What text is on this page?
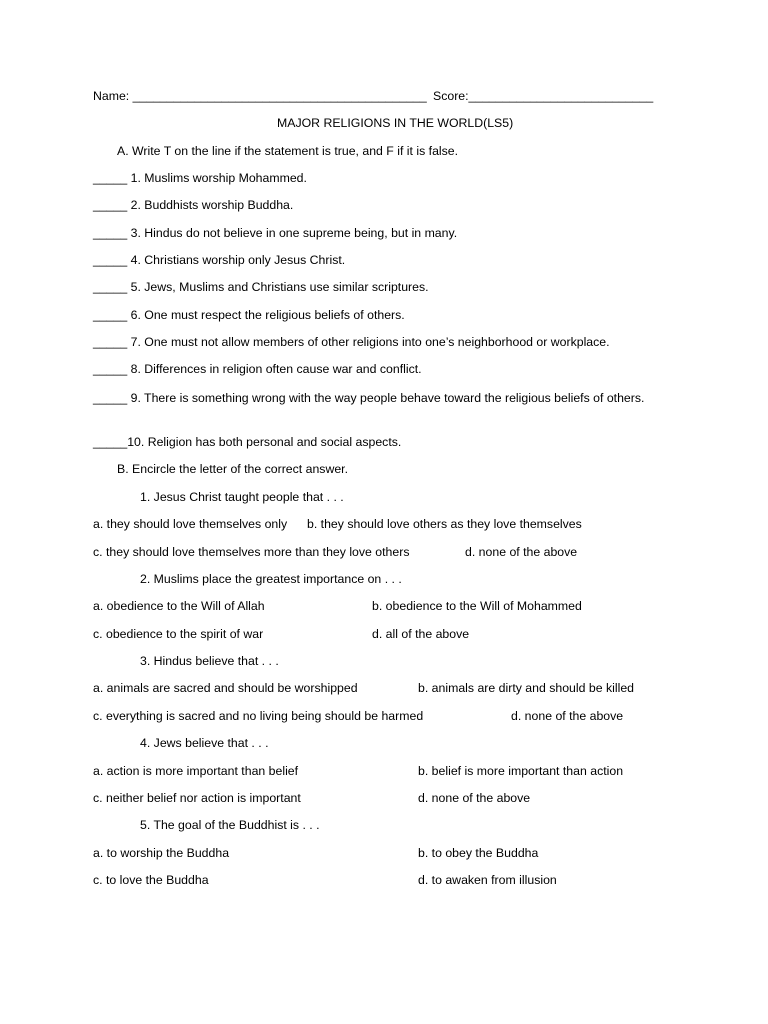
Name: ___________________________________________ Score:___________________________
MAJOR RELIGIONS IN THE WORLD(LS5)
A. Write T on the line if the statement is true, and F if it is false.
_____ 1. Muslims worship Mohammed.
_____ 2. Buddhists worship Buddha.
_____ 3. Hindus do not believe in one supreme being, but in many.
_____ 4. Christians worship only Jesus Christ.
_____ 5. Jews, Muslims and Christians use similar scriptures.
_____ 6. One must respect the religious beliefs of others.
_____ 7. One must not allow members of other religions into one’s neighborhood or workplace.
_____ 8. Differences in religion often cause war and conflict.
_____ 9. There is something wrong with the way people behave toward the religious beliefs of others.
_____10. Religion has both personal and social aspects.
B. Encircle the letter of the correct answer.
1. Jesus Christ taught people that . . .
a. they should love themselves only b. they should love others as they love themselves
c. they should love themselves more than they love others	d. none of the above
2. Muslims place the greatest importance on . . .
a. obedience to the Will of Allah	b. obedience to the Will of Mohammed
c. obedience to the spirit of war	d. all of the above
3. Hindus believe that . . .
a. animals are sacred and should be worshipped	b. animals are dirty and should be killed
c. everything is sacred and no living being should be harmed	d. none of the above
4. Jews believe that . . .
a. action is more important than belief	b. belief is more important than action
c. neither belief nor action is important	d. none of the above
5. The goal of the Buddhist is . . .
a. to worship the Buddha	b. to obey the Buddha
c. to love the Buddha	d. to awaken from illusion
